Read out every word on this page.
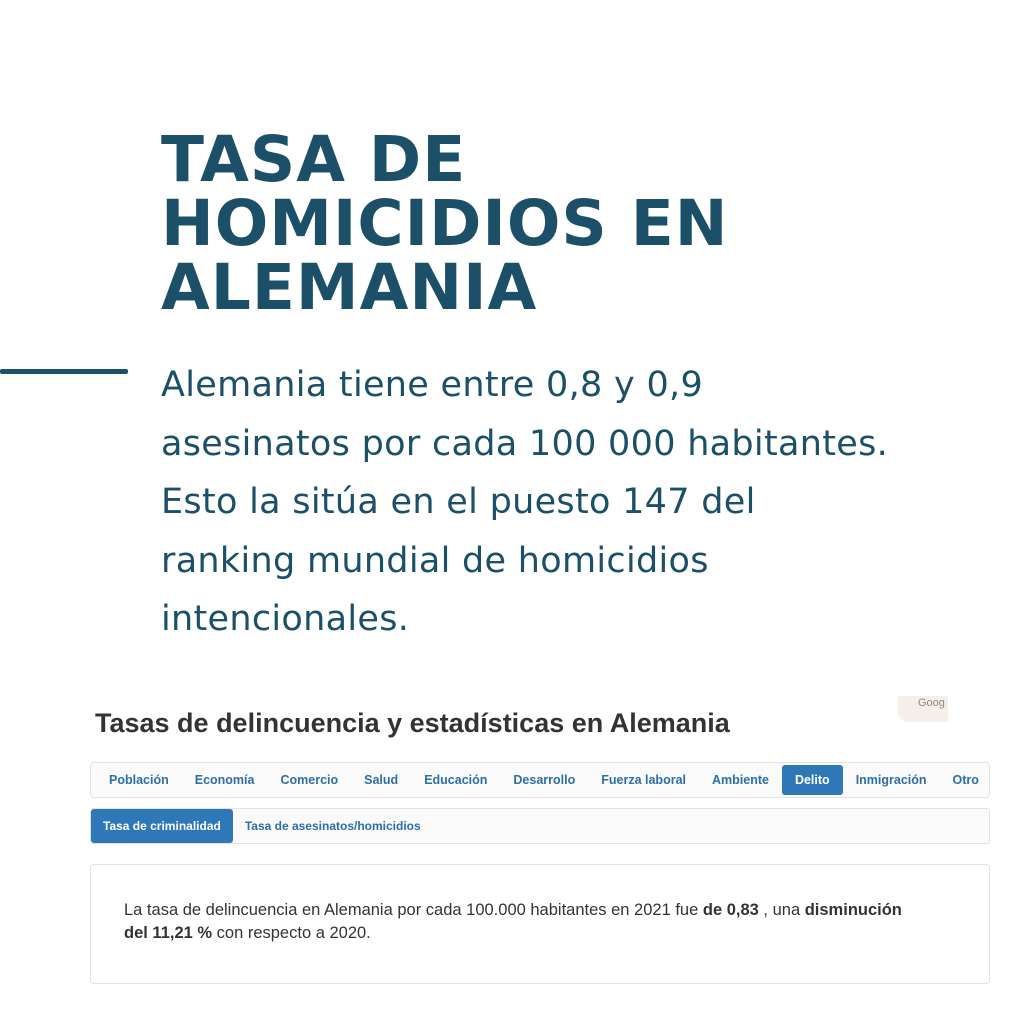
TASA DE
HOMICIDIOS EN
ALEMANIA

Alemania tiene entre 0,8 y 0,9
asesinatos por cada 100 000 habitantes.
Esto la sitúa en el puesto 147 del
ranking mundial de homicidios
intencionales.

Goog
Tasas de delincuencia y estadísticas en Alemania
Población	Economía	Comercio	Salud	Educación	Desarrollo	Fuerza laboral	Ambiente	Delito	Inmigración	Otro
Tasa de criminalidad	Tasa de asesinatos/homicidios

La tasa de delincuencia en Alemania por cada 100.000 habitantes en 2021 fue de 0,83 , una disminución del 11,21 % con respecto a 2020.
